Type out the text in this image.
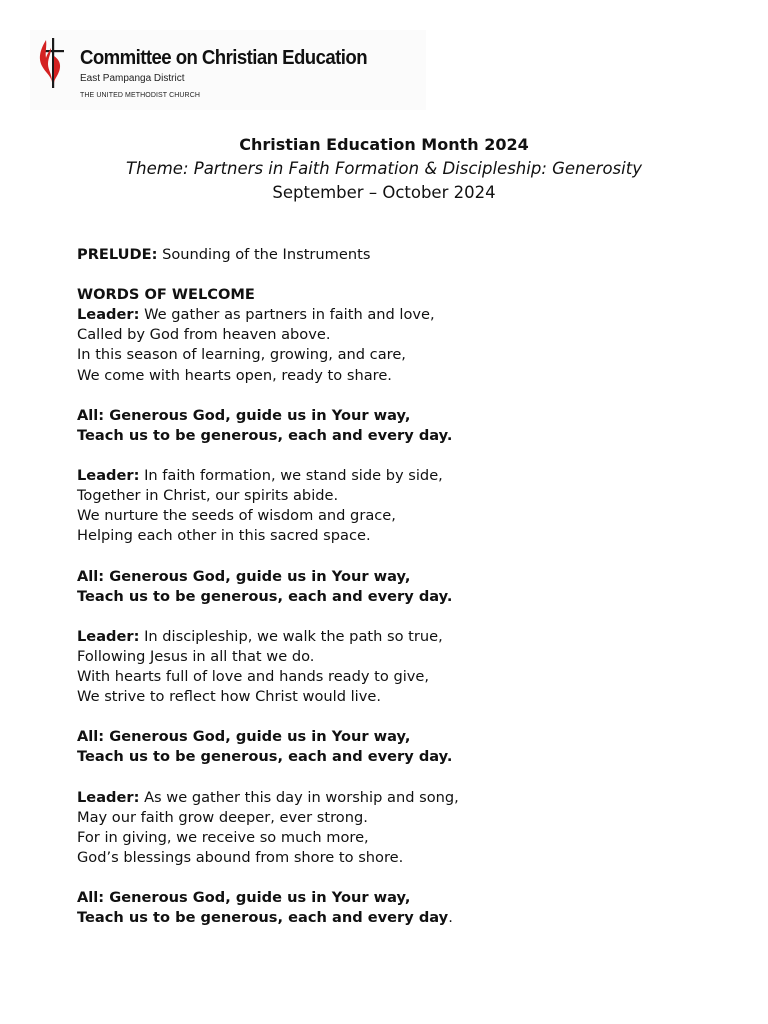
Committee on Christian Education
East Pampanga District
THE UNITED METHODIST CHURCH
Christian Education Month 2024
Theme: Partners in Faith Formation & Discipleship: Generosity
September – October 2024

PRELUDE: Sounding of the Instruments

WORDS OF WELCOME

Leader: We gather as partners in faith and love,
Called by God from heaven above.
In this season of learning, growing, and care,
We come with hearts open, ready to share.

All: Generous God, guide us in Your way,
Teach us to be generous, each and every day.

Leader: In faith formation, we stand side by side,
Together in Christ, our spirits abide.
We nurture the seeds of wisdom and grace,
Helping each other in this sacred space.

All: Generous God, guide us in Your way,
Teach us to be generous, each and every day.

Leader: In discipleship, we walk the path so true,
Following Jesus in all that we do.
With hearts full of love and hands ready to give,
We strive to reflect how Christ would live.

All: Generous God, guide us in Your way,
Teach us to be generous, each and every day.

Leader: As we gather this day in worship and song,
May our faith grow deeper, ever strong.
For in giving, we receive so much more,
God’s blessings abound from shore to shore.

All: Generous God, guide us in Your way,
Teach us to be generous, each and every day.
